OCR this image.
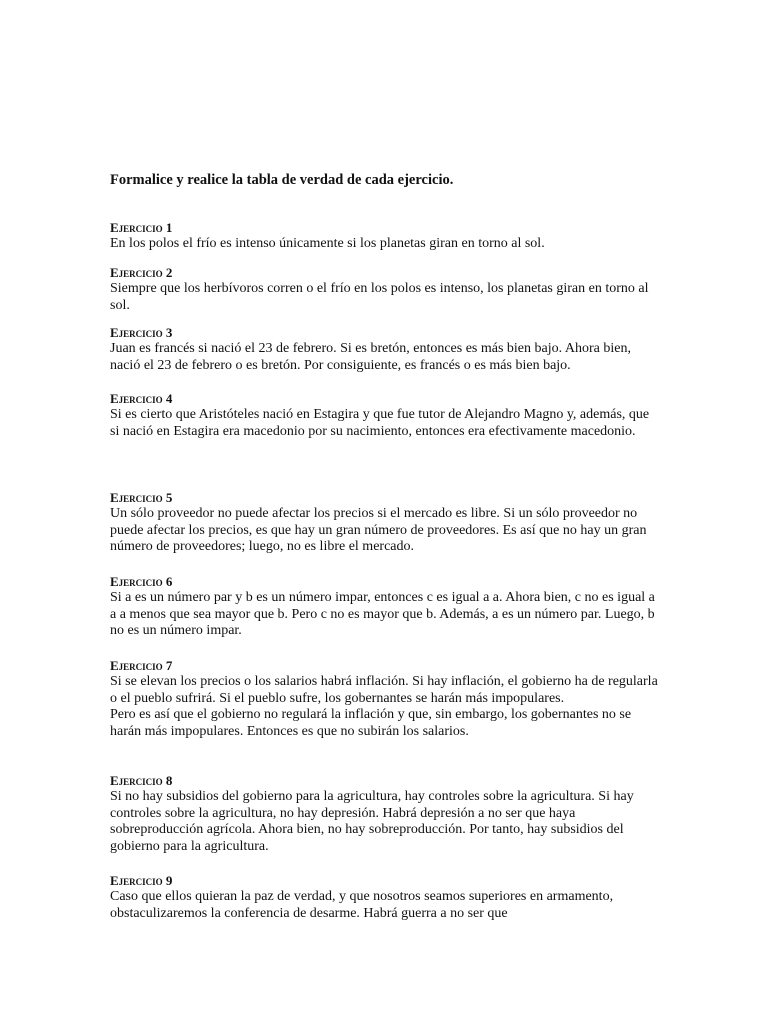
Formalice y realice la tabla de verdad de cada ejercicio.
Ejercicio 1

En los polos el frío es intenso únicamente si los planetas giran en torno al sol.

Ejercicio 2

Siempre que los herbívoros corren o el frío en los polos es intenso, los planetas giran en torno al sol.

Ejercicio 3

Juan es francés si nació el 23 de febrero. Si es bretón, entonces es más bien bajo. Ahora bien, nació el 23 de febrero o es bretón. Por consiguiente, es francés o es más bien bajo.

Ejercicio 4

Si es cierto que Aristóteles nació en Estagira y que fue tutor de Alejandro Magno y, además, que si nació en Estagira era macedonio por su nacimiento, entonces era efectivamente macedonio.

Ejercicio 5

Un sólo proveedor no puede afectar los precios si el mercado es libre. Si un sólo proveedor no puede afectar los precios, es que hay un gran número de proveedores. Es así que no hay un gran número de proveedores; luego, no es libre el mercado.

Ejercicio 6

Si a es un número par y b es un número impar, entonces c es igual a a. Ahora bien, c no es igual a a a menos que sea mayor que b. Pero c no es mayor que b. Además, a es un número par. Luego, b no es un número impar.

Ejercicio 7

Si se elevan los precios o los salarios habrá inflación. Si hay inflación, el gobierno ha de regularla o el pueblo sufrirá. Si el pueblo sufre, los gobernantes se harán más impopulares.

Pero es así que el gobierno no regulará la inflación y que, sin embargo, los gobernantes no se harán más impopulares. Entonces es que no subirán los salarios.

Ejercicio 8

Si no hay subsidios del gobierno para la agricultura, hay controles sobre la agricultura. Si hay controles sobre la agricultura, no hay depresión. Habrá depresión a no ser que haya sobreproducción agrícola. Ahora bien, no hay sobreproducción. Por tanto, hay subsidios del gobierno para la agricultura.

Ejercicio 9

Caso que ellos quieran la paz de verdad, y que nosotros seamos superiores en armamento, obstaculizaremos la conferencia de desarme. Habrá guerra a no ser que
